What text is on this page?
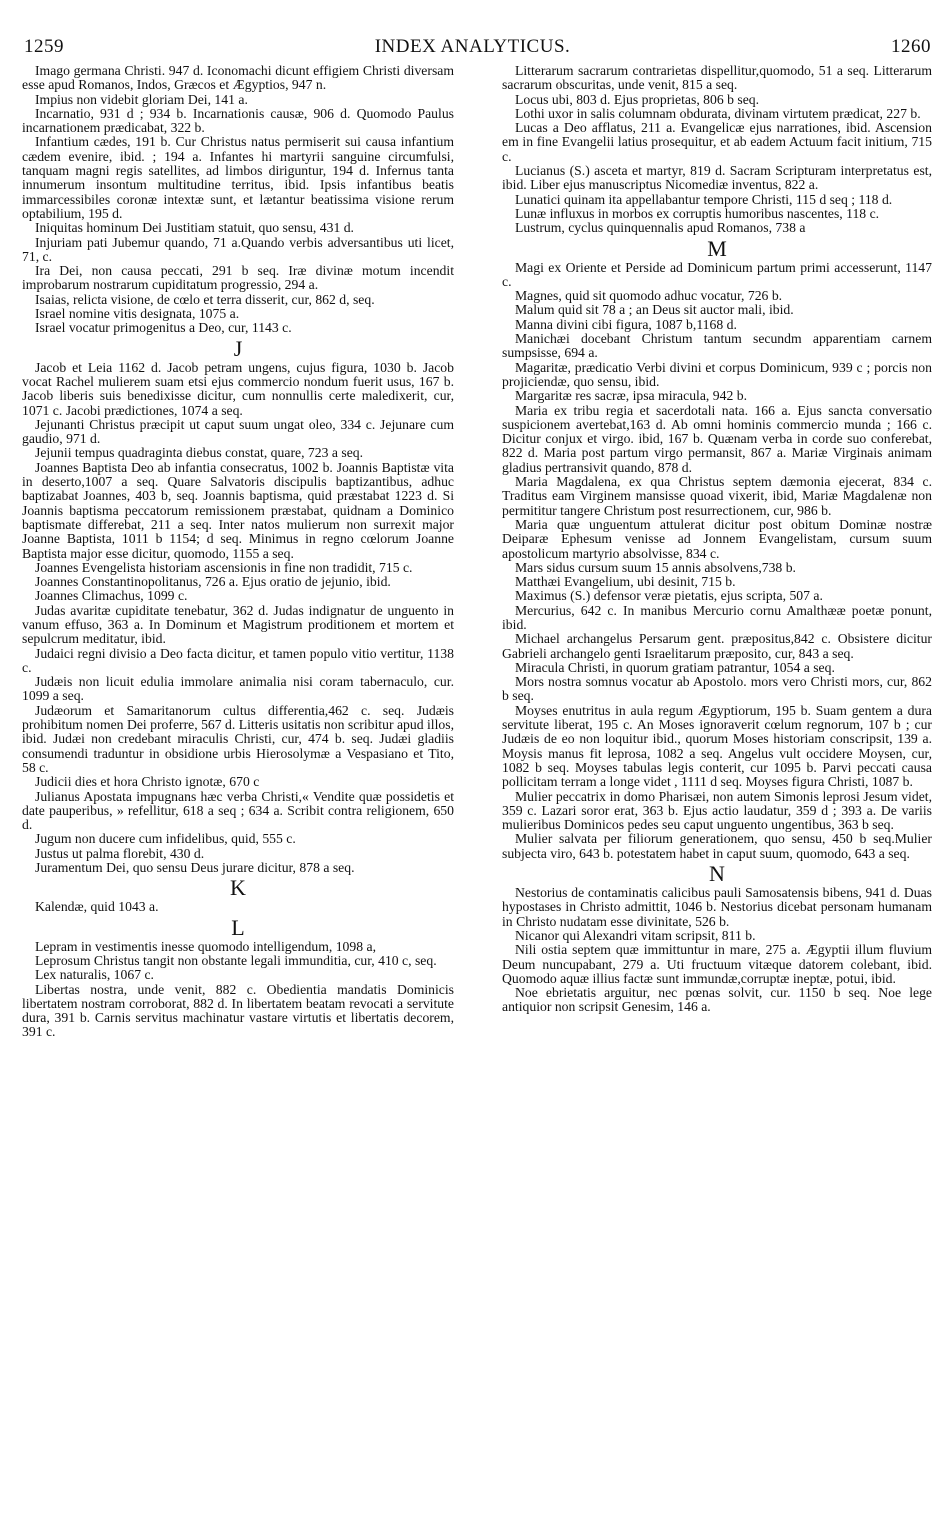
1259	INDEX ANALYTICUS.	1260

Imago germana Christi. 947 d. Iconomachi dicunt effigiem Christi diversam esse apud Romanos, Indos, Græcos et Ægyptios, 947 n.

Impius non videbit gloriam Dei, 141 a.

Incarnatio, 931 d ; 934 b. Incarnationis causæ, 906 d. Quomodo Paulus incarnationem prædicabat, 322 b.

Infantium cædes, 191 b. Cur Christus natus permiserit sui causa infantium cædem evenire, ibid. ; 194 a. Infantes hi martyrii sanguine circumfulsi, tanquam magni regis satellites, ad limbos diriguntur, 194 d. Infernus tanta innumerum insontum multitudine territus, ibid. Ipsis infantibus beatis immarcessibiles coronæ intextæ sunt, et lætantur beatissima visione rerum optabilium, 195 d.

Iniquitas hominum Dei Justitiam statuit, quo sensu, 431 d.

Injuriam pati Jubemur quando, 71 a.Quando verbis adversantibus uti licet, 71, c.

Ira Dei, non causa peccati, 291 b seq. Iræ divinæ motum incendit improbarum nostrarum cupiditatum progressio, 294 a.

Isaias, relicta visione, de cœlo et terra disserit, cur, 862 d, seq.

Israel nomine vitis designata, 1075 a.

Israel vocatur primogenitus a Deo, cur, 1143 c.

J

Jacob et Leia 1162 d. Jacob petram ungens, cujus figura, 1030 b. Jacob vocat Rachel mulierem suam etsi ejus commercio nondum fuerit usus, 167 b. Jacob liberis suis benedixisse dicitur, cum nonnullis certe maledixerit, cur, 1071 c. Jacobi prædictiones, 1074 a seq.

Jejunanti Christus præcipit ut caput suum ungat oleo, 334 c. Jejunare cum gaudio, 971 d.

Jejunii tempus quadraginta diebus constat, quare, 723 a seq.

Joannes Baptista Deo ab infantia consecratus, 1002 b. Joannis Baptistæ vita in deserto,1007 a seq. Quare Salvatoris discipulis baptizantibus, adhuc baptizabat Joannes, 403 b, seq. Joannis baptisma, quid præstabat 1223 d. Si Joannis baptisma peccatorum remissionem præstabat, quidnam a Dominico baptismate differebat, 211 a seq. Inter natos mulierum non surrexit major Joanne Baptista, 1011 b 1154; d seq. Minimus in regno cœlorum Joanne Baptista major esse dicitur, quomodo, 1155 a seq.

Joannes Evengelista historiam ascensionis in fine non tradidit, 715 c.

Joannes Constantinopolitanus, 726 a. Ejus oratio de jejunio, ibid.

Joannes Climachus, 1099 c.

Judas avaritæ cupiditate tenebatur, 362 d. Judas indignatur de unguento in vanum effuso, 363 a. In Dominum et Magistrum proditionem et mortem et sepulcrum meditatur, ibid.

Judaici regni divisio a Deo facta dicitur, et tamen populo vitio vertitur, 1138 c.

Judæis non licuit edulia immolare animalia nisi coram tabernaculo, cur. 1099 a seq.

Judæorum et Samaritanorum cultus differentia,462 c. seq. Judæis prohibitum nomen Dei proferre, 567 d. Litteris usitatis non scribitur apud illos, ibid. Judæi non credebant miraculis Christi, cur, 474 b. seq. Judæi gladiis consumendi traduntur in obsidione urbis Hierosolymæ a Vespasiano et Tito, 58 c.

Judicii dies et hora Christo ignotæ, 670 c

Julianus Apostata impugnans hæc verba Christi,« Vendite quæ possidetis et date pauperibus, » refellitur, 618 a seq ; 634 a. Scribit contra religionem, 650 d.

Jugum non ducere cum infidelibus, quid, 555 c.

Justus ut palma florebit, 430 d.

Juramentum Dei, quo sensu Deus jurare dicitur, 878 a seq.

K

Kalendæ, quid 1043 a.

L

Lepram in vestimentis inesse quomodo intelligendum, 1098 a,

Leprosum Christus tangit non obstante legali immunditia, cur, 410 c, seq.

Lex naturalis, 1067 c.

Libertas nostra, unde venit, 882 c. Obedientia mandatis Dominicis libertatem nostram corroborat, 882 d. In libertatem beatam revocati a servitute dura, 391 b. Carnis servitus machinatur vastare virtutis et libertatis decorem, 391 c.

Litterarum sacrarum contrarietas dispellitur,quomodo, 51 a seq. Litterarum sacrarum obscuritas, unde venit, 815 a seq.

Locus ubi, 803 d. Ejus proprietas, 806 b seq.

Lothi uxor in salis columnam obdurata, divinam virtutem prædicat, 227 b.

Lucas a Deo afflatus, 211 a. Evangelicæ ejus narrationes, ibid. Ascension em in fine Evangelii latius prosequitur, et ab eadem Actuum facit initium, 715 c.

Lucianus (S.) asceta et martyr, 819 d. Sacram Scripturam interpretatus est, ibid. Liber ejus manuscriptus Nicomediæ inventus, 822 a.

Lunatici quinam ita appellabantur tempore Christi, 115 d seq ; 118 d.

Lunæ influxus in morbos ex corruptis humoribus nascentes, 118 c.

Lustrum, cyclus quinquennalis apud Romanos, 738 a

M

Magi ex Oriente et Perside ad Dominicum partum primi accesserunt, 1147 c.

Magnes, quid sit quomodo adhuc vocatur, 726 b.

Malum quid sit 78 a ; an Deus sit auctor mali, ibid.

Manna divini cibi figura, 1087 b,1168 d.

Manichæi docebant Christum tantum secundm apparentiam carnem sumpsisse, 694 a.

Magaritæ, prædicatio Verbi divini et corpus Dominicum, 939 c ; porcis non projiciendæ, quo sensu, ibid.

Margaritæ res sacræ, ipsa miracula, 942 b.

Maria ex tribu regia et sacerdotali nata. 166 a. Ejus sancta conversatio suspicionem avertebat,163 d. Ab omni hominis commercio munda ; 166 c. Dicitur conjux et virgo. ibid, 167 b. Quænam verba in corde suo conferebat, 822 d. Maria post partum virgo permansit, 867 a. Mariæ Virginais animam gladius pertransivit quando, 878 d.

Maria Magdalena, ex qua Christus septem dæmonia ejecerat, 834 c. Traditus eam Virginem mansisse quoad vixerit, ibid, Mariæ Magdalenæ non permititur tangere Christum post resurrectionem, cur, 986 b.

Maria quæ unguentum attulerat dicitur post obitum Dominæ nostræ Deiparæ Ephesum venisse ad Jonnem Evangelistam, cursum suum apostolicum martyrio absolvisse, 834 c.

Mars sidus cursum suum 15 annis absolvens,738 b.

Matthæi Evangelium, ubi desinit, 715 b.

Maximus (S.) defensor veræ pietatis, ejus scripta, 507 a.

Mercurius, 642 c. In manibus Mercurio cornu Amalthææ poetæ ponunt, ibid.

Michael archangelus Persarum gent. præpositus,842 c. Obsistere dicitur Gabrieli archangelo genti Israelitarum præposito, cur, 843 a seq.

Miracula Christi, in quorum gratiam patrantur, 1054 a seq.

Mors nostra somnus vocatur ab Apostolo. mors vero Christi mors, cur, 862 b seq.

Moyses enutritus in aula regum Ægyptiorum, 195 b. Suam gentem a dura servitute liberat, 195 c. An Moses ignoraverit cœlum regnorum, 107 b ; cur Judæis de eo non loquitur ibid., quorum Moses historiam conscripsit, 139 a. Moysis manus fit leprosa, 1082 a seq. Angelus vult occidere Moysen, cur, 1082 b seq. Moyses tabulas legis conterit, cur 1095 b. Parvi peccati causa pollicitam terram a longe videt , 1111 d seq. Moyses figura Christi, 1087 b.

Mulier peccatrix in domo Pharisæi, non autem Simonis leprosi Jesum videt, 359 c. Lazari soror erat, 363 b. Ejus actio laudatur, 359 d ; 393 a. De variis mulieribus Dominicos pedes seu caput unguento ungentibus, 363 b seq.

Mulier salvata per filiorum generationem, quo sensu, 450 b seq.Mulier subjecta viro, 643 b. potestatem habet in caput suum, quomodo, 643 a seq.

N

Nestorius de contaminatis calicibus pauli Samosatensis bibens, 941 d. Duas hypostases in Christo admittit, 1046 b. Nestorius dicebat personam humanam in Christo nudatam esse divinitate, 526 b.

Nicanor qui Alexandri vitam scripsit, 811 b.

Nili ostia septem quæ immittuntur in mare, 275 a. Ægyptii illum fluvium Deum nuncupabant, 279 a. Uti fructuum vitæque datorem colebant, ibid. Quomodo aquæ illius factæ sunt immundæ,corruptæ ineptæ, potui, ibid.

Noe ebrietatis arguitur, nec pœnas solvit, cur. 1150 b seq. Noe lege antiquior non scripsit Genesim, 146 a.
